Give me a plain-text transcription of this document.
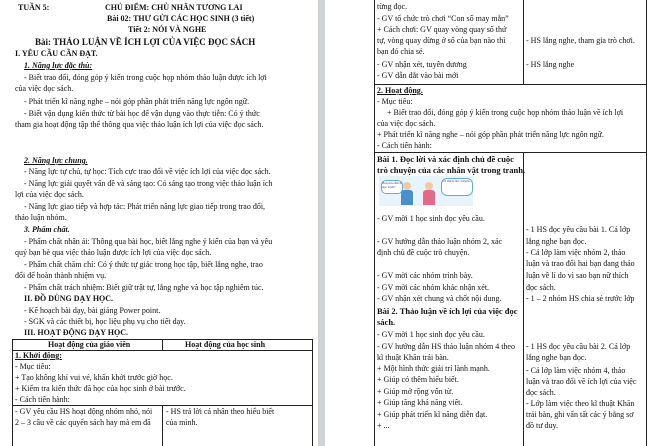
TUẦN 5:	CHỦ ĐIỂM: CHỦ NHÂN TƯƠNG LAI
Bài 02: THƯ GỬI CÁC HỌC SINH (3 tiết)
Tiết 2: NÓI VÀ NGHE
Bài: THẢO LUẬN VỀ ÍCH LỢI CỦA VIỆC ĐỌC SÁCH
I. YÊU CẦU CẦN ĐẠT.
1. Năng lực đặc thù:
- Biết trao đổi, đóng góp ý kiến trong cuộc họp nhóm thảo luận được ích lợi
của việc đọc sách.
- Phát triển kĩ năng nghe – nói góp phần phát triển năng lực ngôn ngữ.
- Biết vận dụng kiến thức từ bài học để vận dụng vào thực tiễn: Có ý thức
tham gia hoạt động tập thể thông qua việc thảo luận ích lợi của việc đọc sách.
2. Năng lực chung.
- Năng lực tự chủ, tự học: Tích cực trao đổi về việc ích lợi của việc đọc sách.
- Năng lực giải quyết vấn đề và sáng tạo: Có sáng tạo trong việc thảo luận ích
lợi của việc đọc sách.
- Năng lực giao tiếp và hợp tác: Phát triển năng lực giao tiếp trong trao đổi,
thảo luận nhóm.
3. Phẩm chất.
- Phẩm chất nhân ái: Thông qua bài học, biết lắng nghe ý kiến của bạn và yêu
quý bạn bè qua việc thảo luận được ích lợi của việc đọc sách.
- Phẩm chất chăm chỉ: Có ý thức tự giác trong học tập, biết lắng nghe, trao
đổi để hoàn thành nhiệm vụ.
- Phẩm chất trách nhiệm: Biết giữ trật tự, lắng nghe và học tập nghiêm túc.
II. ĐỒ DÙNG DẠY HỌC.
- Kế hoạch bài dạy, bài giảng Power point.
- SGK và các thiết bị, học liệu phụ vụ cho tiết dạy.
III. HOẠT ĐỘNG DẠY HỌC.
Hoạt động của giáo viên	Hoạt động của học sinh
1. Khởi động:
- Mục tiêu:
+ Tạo không khí vui vẻ, khấn khởi trước giờ học.
+ Kiểm tra kiến thức đã học của học sinh ở bài trước.
- Cách tiến hành:
- GV yêu cầu HS hoạt động nhóm nhỏ, nói
2 – 3 câu về các quyển sách hay mà em đã
- HS trả lời cá nhân theo hiểu biết
của mình.
từng đọc.
- GV tổ chức trò chơi “Con số may mắn”
+ Cách chơi: GV quay vòng quay số thứ
tự, vòng quay dừng ở số của bạn nào thì
bạn đó chia sẻ.
- GV nhận xét, tuyên dương
- GV dẫn dắt vào bài mới
- HS lắng nghe, tham gia trò chơi.
- HS lắng nghe
2. Hoạt động.
- Mục tiêu:
+ Biết trao đổi, đóng góp ý kiến trong cuộc họp nhóm thảo luận về ích lợi
của việc đọc sách.
+ Phát triển kĩ năng nghe – nói góp phần phát triển năng lực ngôn ngữ.
- Cách tiến hành:
Bài 1. Đọc lời và xác định chủ đề cuộc
trò chuyện của các nhân vật trong tranh.
Bạn nào thích đọc sách?
Tớ thích đọc truyện.
- GV mời 1 học sinh đọc yêu cầu.
- GV hướng dẫn thảo luận nhóm 2, xác
định chủ đề cuộc trò chuyện.
- GV mời các nhóm trình bày.
- GV mời các nhóm khác nhận xét.
- GV nhận xét chung và chốt nội dung.
Bài 2. Thảo luận về ích lợi của việc đọc
sách.
- GV mời 1 học sinh đọc yêu cầu.
- GV hướng dẫn HS thảo luận nhóm 4 theo
kĩ thuật Khăn trải bàn.
+ Một hình thức giải trí lành mạnh.
+ Giúp có thêm hiểu biết.
+ Giúp mở rộng vốn từ.
+ Giúp tăng khả năng viết.
+ Giúp phát triển kĩ năng diễn đạt.
+ ...
- 1 HS đọc yêu cầu bài 1. Cả lớp
lắng nghe bạn đọc.
- Cả lớp làm việc nhóm 2, thảo
luận và trao đổi hai bạn đang thảo
luận về lí do vì sao bạn nữ thích
đọc sách.
- 1 – 2 nhóm HS chia sẻ trước lớp
- 1 HS đọc yêu cầu bài 2. Cả lớp
lắng nghe bạn đọc.
- Cả lớp làm việc nhóm 4, thảo
luận và trao đổi về ích lợi của việc
đọc sách.
- Lớp làm việc theo kĩ thuật Khăn
trải bàn, ghi vấn tất các ý bằng sơ
đồ tư duy.
